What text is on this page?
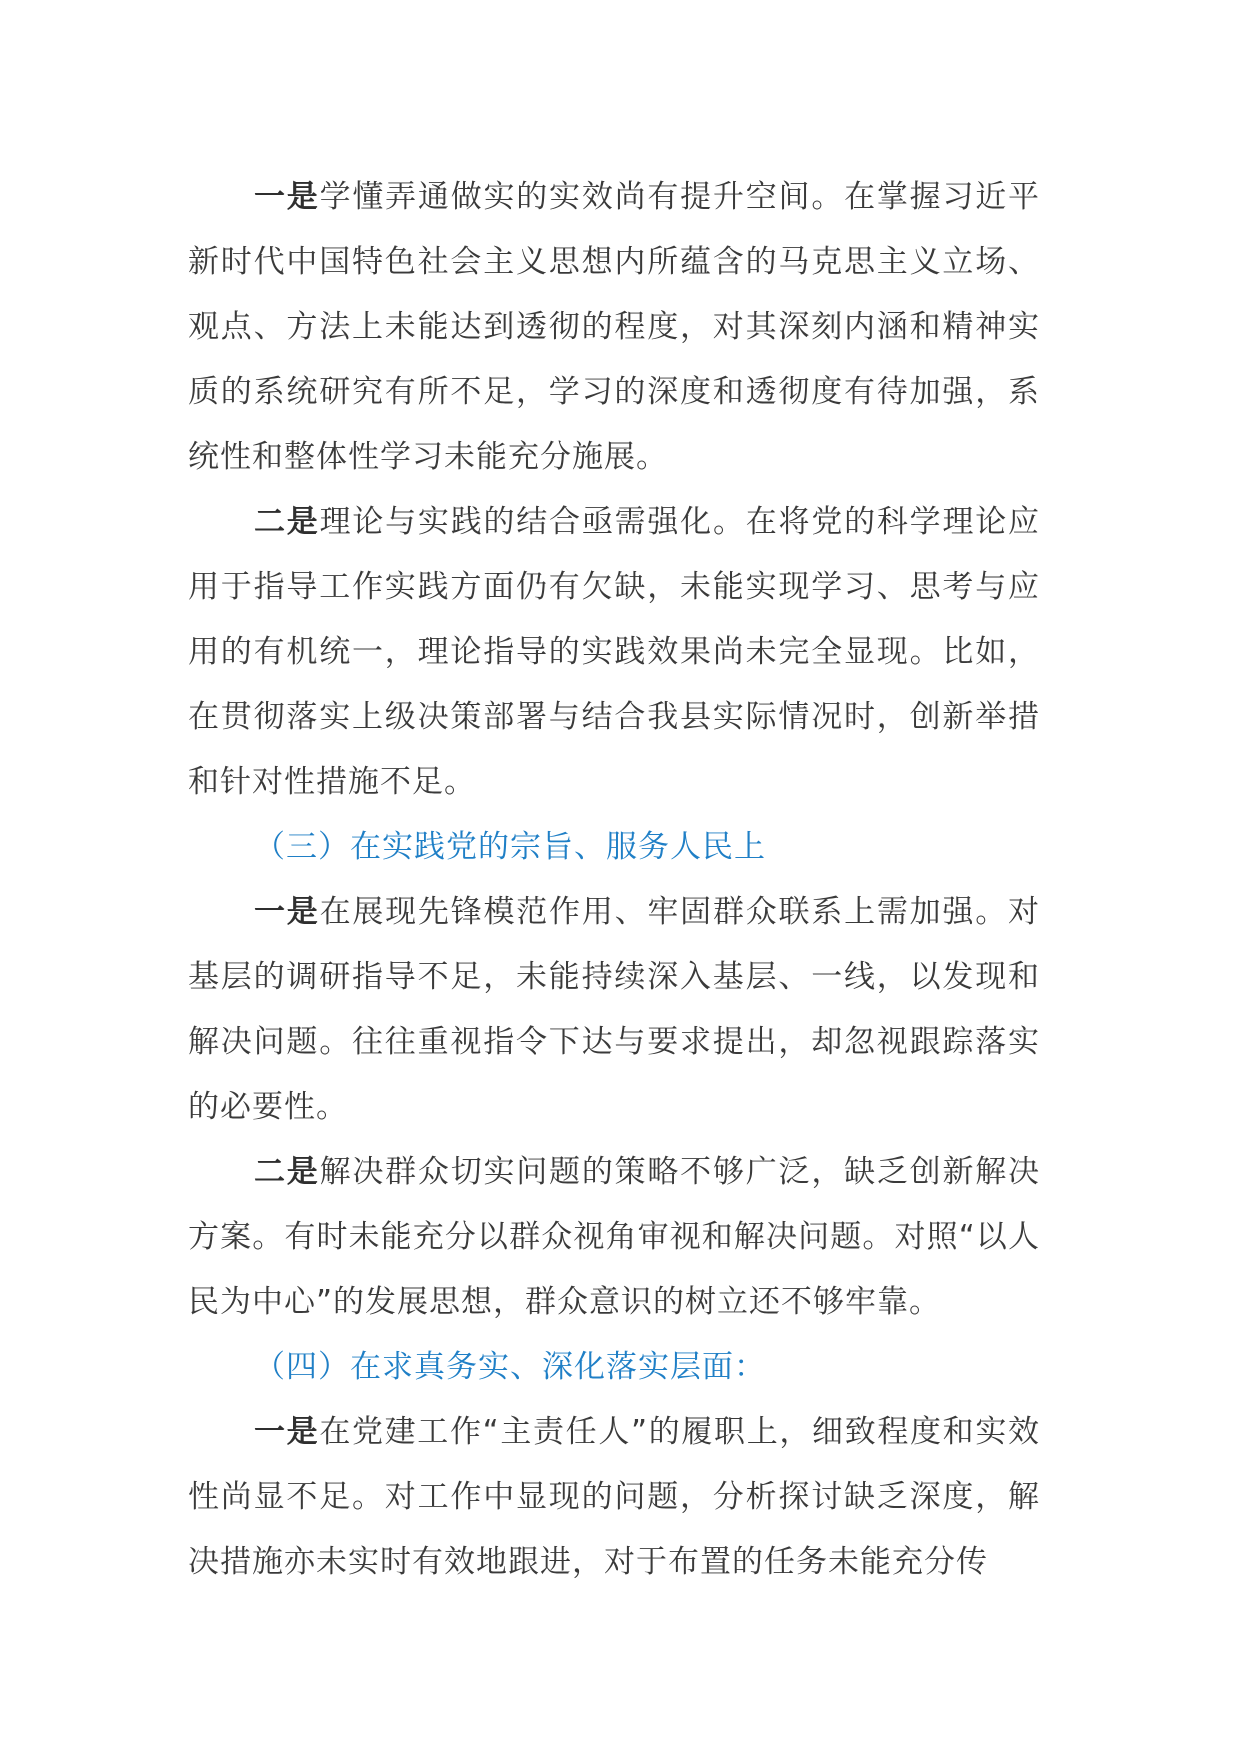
一是学懂弄通做实的实效尚有提升空间。在掌握习近平新时代中国特色社会主义思想内所蕴含的马克思主义立场、观点、方法上未能达到透彻的程度，对其深刻内涵和精神实质的系统研究有所不足，学习的深度和透彻度有待加强，系统性和整体性学习未能充分施展。

二是理论与实践的结合亟需强化。在将党的科学理论应用于指导工作实践方面仍有欠缺，未能实现学习、思考与应用的有机统一，理论指导的实践效果尚未完全显现。比如，在贯彻落实上级决策部署与结合我县实际情况时，创新举措和针对性措施不足。

（三）在实践党的宗旨、服务人民上

一是在展现先锋模范作用、牢固群众联系上需加强。对基层的调研指导不足，未能持续深入基层、一线，以发现和解决问题。往往重视指令下达与要求提出，却忽视跟踪落实的必要性。

二是解决群众切实问题的策略不够广泛，缺乏创新解决方案。有时未能充分以群众视角审视和解决问题。对照“以人民为中心”的发展思想，群众意识的树立还不够牢靠。

（四）在求真务实、深化落实层面：

一是在党建工作“主责任人”的履职上，细致程度和实效性尚显不足。对工作中显现的问题，分析探讨缺乏深度，解决措施亦未实时有效地跟进，对于布置的任务未能充分传
